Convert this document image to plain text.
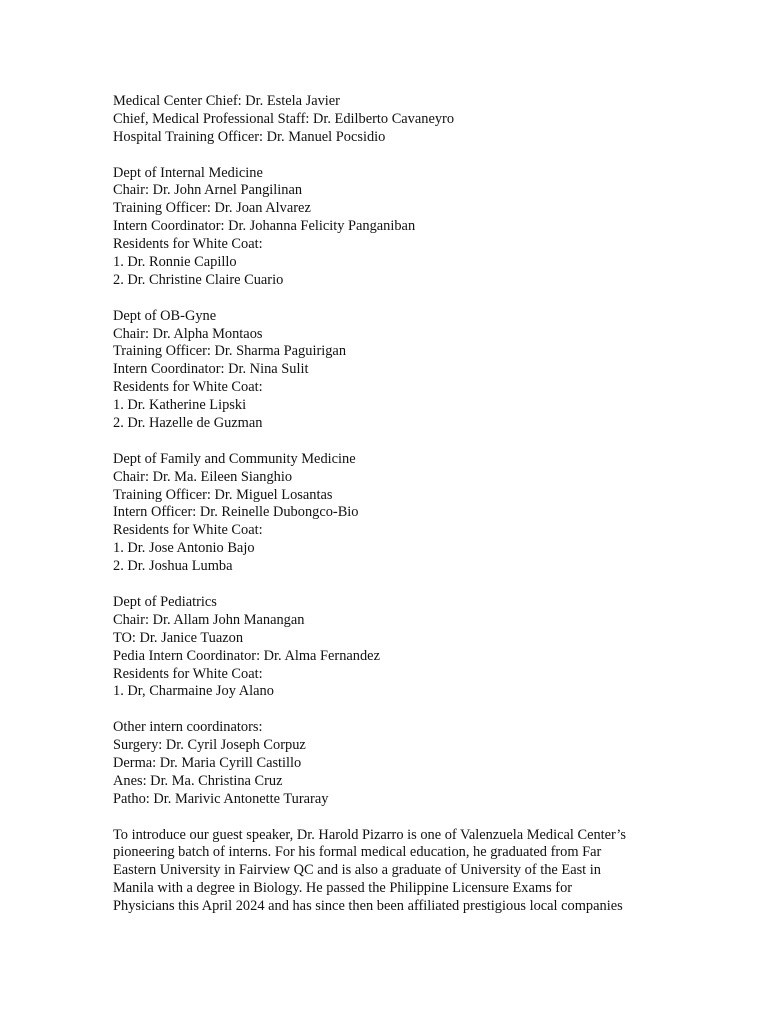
Medical Center Chief: Dr. Estela Javier
Chief, Medical Professional Staff: Dr. Edilberto Cavaneyro
Hospital Training Officer: Dr. Manuel Pocsidio
Dept of Internal Medicine
Chair: Dr. John Arnel Pangilinan
Training Officer: Dr. Joan Alvarez
Intern Coordinator: Dr. Johanna Felicity Panganiban
Residents for White Coat:
1. Dr. Ronnie Capillo
2. Dr. Christine Claire Cuario
Dept of OB-Gyne
Chair: Dr. Alpha Montaos
Training Officer: Dr. Sharma Paguirigan
Intern Coordinator: Dr. Nina Sulit
Residents for White Coat:
1. Dr. Katherine Lipski
2. Dr. Hazelle de Guzman
Dept of Family and Community Medicine
Chair: Dr. Ma. Eileen Sianghio
Training Officer: Dr. Miguel Losantas
Intern Officer: Dr. Reinelle Dubongco-Bio
Residents for White Coat:
1. Dr. Jose Antonio Bajo
2. Dr. Joshua Lumba
Dept of Pediatrics
Chair: Dr. Allam John Manangan
TO: Dr. Janice Tuazon
Pedia Intern Coordinator: Dr. Alma Fernandez
Residents for White Coat:
1. Dr, Charmaine Joy Alano
Other intern coordinators:
Surgery: Dr. Cyril Joseph Corpuz
Derma: Dr. Maria Cyrill Castillo
Anes: Dr. Ma. Christina Cruz
Patho: Dr. Marivic Antonette Turaray
To introduce our guest speaker, Dr. Harold Pizarro is one of Valenzuela Medical Center’s
pioneering batch of interns. For his formal medical education, he graduated from Far
Eastern University in Fairview QC and is also a graduate of University of the East in
Manila with a degree in Biology. He passed the Philippine Licensure Exams for
Physicians this April 2024 and has since then been affiliated prestigious local companies
